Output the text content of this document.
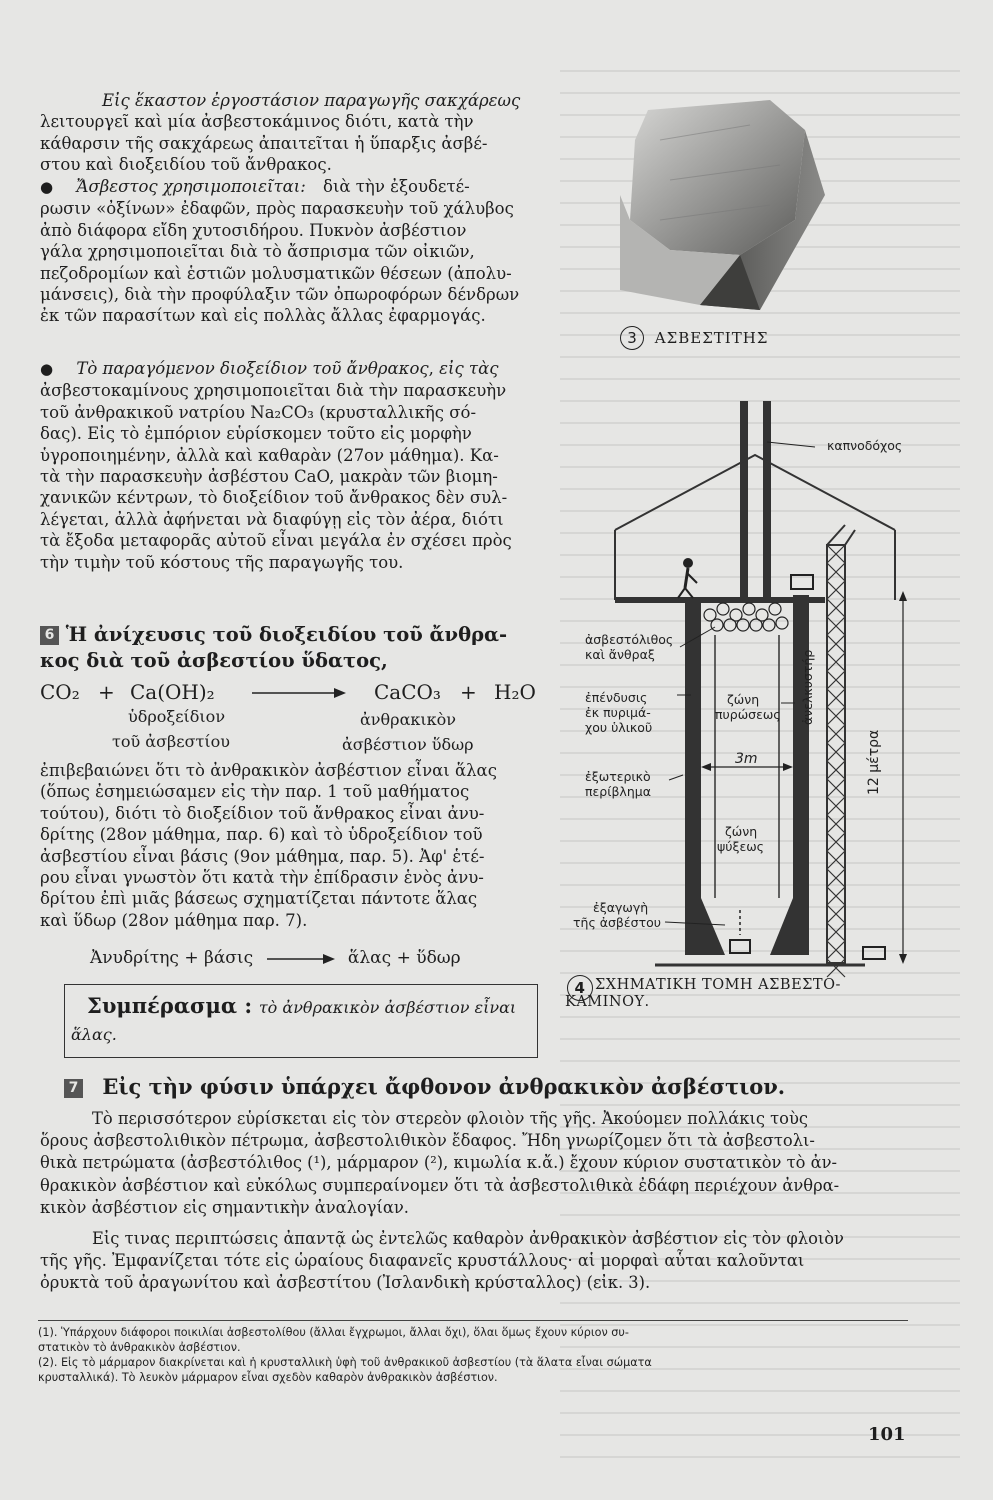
Εἰς ἕκαστον ἐργοστάσιον παραγωγῆς σακχάρεως
λειτουργεῖ καὶ μία ἀσβεστοκάμινος διότι, κατὰ τὴν
κάθαρσιν τῆς σακχάρεως ἀπαιτεῖται ἡ ὕπαρξις ἀσβέ-
στου καὶ διοξειδίου τοῦ ἄνθρακος.
● Ἄσβεστος χρησιμοποιεῖται: διὰ τὴν ἐξουδετέ-
ρωσιν «ὀξίνων» ἐδαφῶν, πρὸς παρασκευὴν τοῦ χάλυβος
ἀπὸ διάφορα εἴδη χυτοσιδήρου. Πυκνὸν ἀσβέστιον
γάλα χρησιμοποιεῖται διὰ τὸ ἄσπρισμα τῶν οἰκιῶν,
πεζοδρομίων καὶ ἑστιῶν μολυσματικῶν θέσεων (ἀπολυ-
μάνσεις), διὰ τὴν προφύλαξιν τῶν ὀπωροφόρων δένδρων
ἐκ τῶν παρασίτων καὶ εἰς πολλὰς ἄλλας ἐφαρμογάς.
● Τὸ παραγόμενον διοξείδιον τοῦ ἄνθρακος, εἰς τὰς
ἀσβεστοκαμίνους χρησιμοποιεῖται διὰ τὴν παρασκευὴν
τοῦ ἀνθρακικοῦ νατρίου Na₂CO₃ (κρυσταλλικῆς σό-
δας). Εἰς τὸ ἐμπόριον εὑρίσκομεν τοῦτο εἰς μορφὴν
ὑγροποιημένην, ἀλλὰ καὶ καθαρὰν (27ον μάθημα). Κα-
τὰ τὴν παρασκευὴν ἀσβέστου CaO, μακρὰν τῶν βιομη-
χανικῶν κέντρων, τὸ διοξείδιον τοῦ ἄνθρακος δὲν συλ-
λέγεται, ἀλλὰ ἀφήνεται νὰ διαφύγῃ εἰς τὸν ἀέρα, διότι
τὰ ἔξοδα μεταφορᾶς αὐτοῦ εἶναι μεγάλα ἐν σχέσει πρὸς
τὴν τιμὴν τοῦ κόστους τῆς παραγωγῆς του.
6 Ἡ ἀνίχευσις τοῦ διοξειδίου τοῦ ἄνθρα-
κος διὰ τοῦ ἀσβεστίου ὕδατος,
CO₂ + Ca(OH)₂	CaCO₃ + H₂O
ὑδροξείδιον
τοῦ ἀσβεστίου
ἀνθρακικὸν
ἀσβέστιον ὕδωρ
ἐπιβεβαιώνει ὅτι τὸ ἀνθρακικὸν ἀσβέστιον εἶναι ἅλας
(ὅπως ἐσημειώσαμεν εἰς τὴν παρ. 1 τοῦ μαθήματος
τούτου), διότι τὸ διοξείδιον τοῦ ἄνθρακος εἶναι ἀνυ-
δρίτης (28ον μάθημα, παρ. 6) καὶ τὸ ὑδροξείδιον τοῦ
ἀσβεστίου εἶναι βάσις (9ον μάθημα, παρ. 5). Ἀφ' ἑτέ-
ρου εἶναι γνωστὸν ὅτι κατὰ τὴν ἐπίδρασιν ἑνὸς ἀνυ-
δρίτου ἐπὶ μιᾶς βάσεως σχηματίζεται πάντοτε ἅλας
καὶ ὕδωρ (28ον μάθημα παρ. 7).
Ἀνυδρίτης + βάσις	ἅλας + ὕδωρ
Συμπέρασμα : τὸ ἀνθρακικὸν ἀσβέστιον εἶναι
ἅλας.
3 ΑΣΒΕΣΤΙΤΗΣ
καπνοδόχος
ἀσβεστόλιθος
καὶ ἄνθραξ
ἐπένδυσις
ἐκ πυριμά-
χου ὑλικοῦ
ζώνη
πυρώσεως
ἐξωτερικὸ
περίβλημα
ζώνη
ψύξεως
ἐξαγωγὴ
τῆς ἀσβέστου
3m
ἀνελκυστήρ
12 μέτρα
4 ΣΧΗΜΑΤΙΚΗ ΤΟΜΗ ΑΣΒΕΣΤΟ-
ΚΑΜΙΝΟΥ.
7 Εἰς τὴν φύσιν ὑπάρχει ἄφθονον ἀνθρακικὸν ἀσβέστιον.
Τὸ περισσότερον εὑρίσκεται εἰς τὸν στερεὸν φλοιὸν τῆς γῆς. Ἀκούομεν πολλάκις τοὺς
ὅρους ἀσβεστολιθικὸν πέτρωμα, ἀσβεστολιθικὸν ἔδαφος. Ἤδη γνωρίζομεν ὅτι τὰ ἀσβεστολι-
θικὰ πετρώματα (ἀσβεστόλιθος (¹), μάρμαρον (²), κιμωλία κ.ἄ.) ἔχουν κύριον συστατικὸν τὸ ἀν-
θρακικὸν ἀσβέστιον καὶ εὐκόλως συμπεραίνομεν ὅτι τὰ ἀσβεστολιθικὰ ἐδάφη περιέχουν ἀνθρα-
κικὸν ἀσβέστιον εἰς σημαντικὴν ἀναλογίαν.
Εἰς τινας περιπτώσεις ἀπαντᾷ ὡς ἐντελῶς καθαρὸν ἀνθρακικὸν ἀσβέστιον εἰς τὸν φλοιὸν
τῆς γῆς. Ἐμφανίζεται τότε εἰς ὡραίους διαφανεῖς κρυστάλλους· αἱ μορφαὶ αὗται καλοῦνται
ὀρυκτὰ τοῦ ἀραγωνίτου καὶ ἀσβεστίτου (Ἰσλανδικὴ κρύσταλλος) (εἰκ. 3).
(1). Ὑπάρχουν διάφοροι ποικιλίαι ἀσβεστολίθου (ἄλλαι ἔγχρωμοι, ἄλλαι ὄχι), ὅλαι ὅμως ἔχουν κύριον συ-
στατικὸν τὸ ἀνθρακικὸν ἀσβέστιον.
(2). Εἰς τὸ μάρμαρον διακρίνεται καὶ ἡ κρυσταλλικὴ ὑφὴ τοῦ ἀνθρακικοῦ ἀσβεστίου (τὰ ἅλατα εἶναι σώματα
κρυσταλλικά). Τὸ λευκὸν μάρμαρον εἶναι σχεδὸν καθαρὸν ἀνθρακικὸν ἀσβέστιον.
101
